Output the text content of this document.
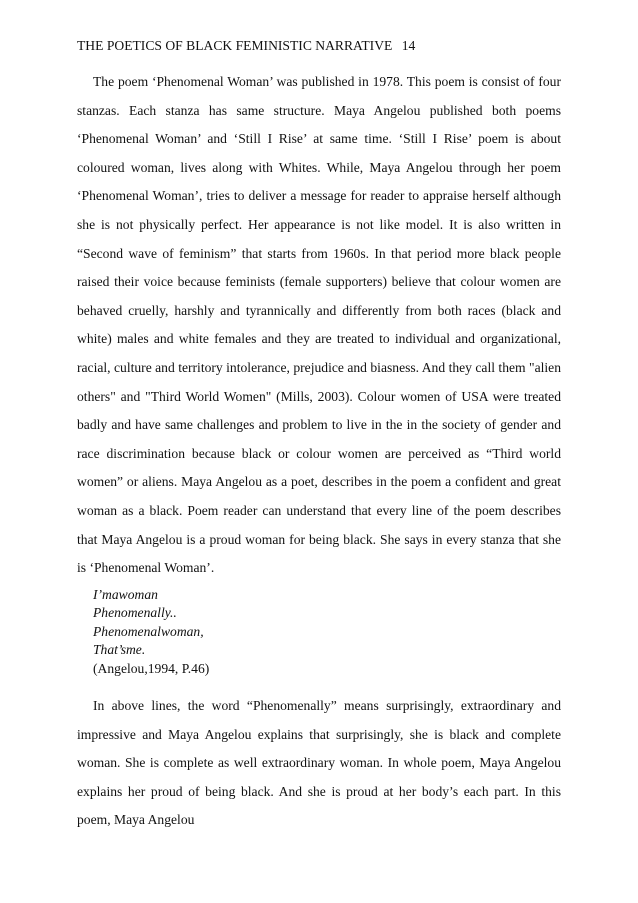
THE POETICS OF BLACK FEMINISTIC NARRATIVE 14

The poem ‘Phenomenal Woman’ was published in 1978. This poem is consist of four stanzas. Each stanza has same structure. Maya Angelou published both poems ‘Phenomenal Woman’ and ‘Still I Rise’ at same time. ‘Still I Rise’ poem is about coloured woman, lives along with Whites. While, Maya Angelou through her poem ‘Phenomenal Woman’, tries to deliver a message for reader to appraise herself although she is not physically perfect. Her appearance is not like model. It is also written in “Second wave of feminism” that starts from 1960s. In that period more black people raised their voice because feminists (female supporters) believe that colour women are behaved cruelly, harshly and tyrannically and differently from both races (black and white) males and white females and they are treated to individual and organizational, racial, culture and territory intolerance, prejudice and biasness. And they call them "alien others" and "Third World Women" (Mills, 2003). Colour women of USA were treated badly and have same challenges and problem to live in the in the society of gender and race discrimination because black or colour women are perceived as “Third world women” or aliens. Maya Angelou as a poet, describes in the poem a confident and great woman as a black. Poem reader can understand that every line of the poem describes that Maya Angelou is a proud woman for being black. She says in every stanza that she is ‘Phenomenal Woman’.

I’mawoman
Phenomenally..
Phenomenalwoman,
That’sme.
(Angelou,1994, P.46)

In above lines, the word “Phenomenally” means surprisingly, extraordinary and impressive and Maya Angelou explains that surprisingly, she is black and complete woman. She is complete as well extraordinary woman. In whole poem, Maya Angelou explains her proud of being black. And she is proud at her body’s each part. In this poem, Maya Angelou
